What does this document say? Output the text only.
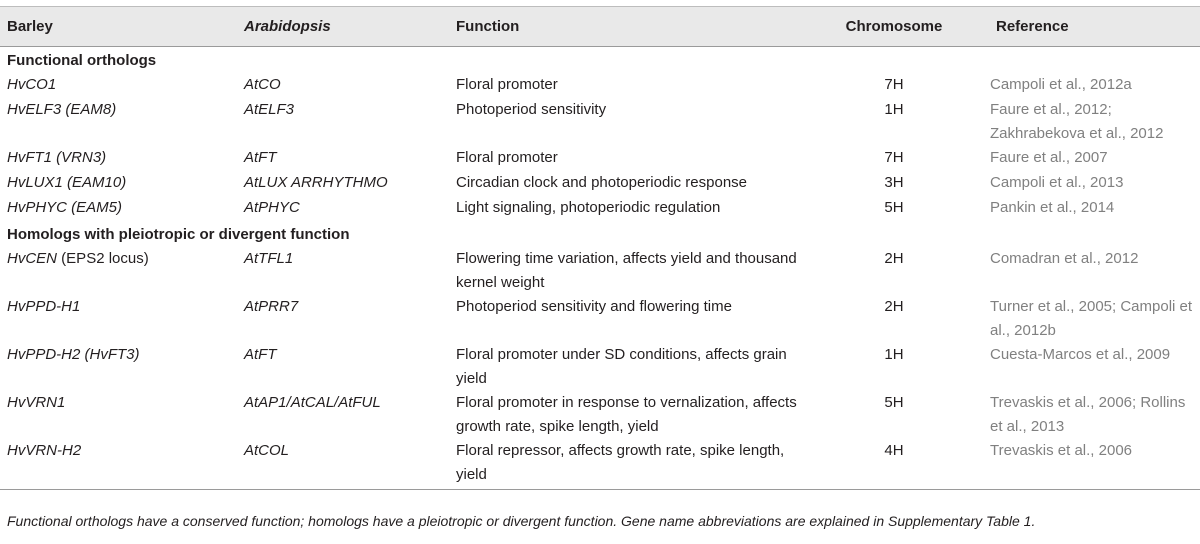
Barley	Arabidopsis	Function	Chromosome	Reference
Functional orthologs				
HvCO1	AtCO	Floral promoter	7H	Campoli et al., 2012a
HvELF3 (EAM8)	AtELF3	Photoperiod sensitivity	1H	Faure et al., 2012; Zakhrabekova et al., 2012
HvFT1 (VRN3)	AtFT	Floral promoter	7H	Faure et al., 2007
HvLUX1 (EAM10)	AtLUX ARRHYTHMO	Circadian clock and photoperiodic response	3H	Campoli et al., 2013
HvPHYC (EAM5)	AtPHYC	Light signaling, photoperiodic regulation	5H	Pankin et al., 2014
Homologs with pleiotropic or divergent function				
HvCEN (EPS2 locus)	AtTFL1	Flowering time variation, affects yield and thousand kernel weight	2H	Comadran et al., 2012
HvPPD-H1	AtPRR7	Photoperiod sensitivity and flowering time	2H	Turner et al., 2005; Campoli et al., 2012b
HvPPD-H2 (HvFT3)	AtFT	Floral promoter under SD conditions, affects grain yield	1H	Cuesta-Marcos et al., 2009
HvVRN1	AtAP1/AtCAL/AtFUL	Floral promoter in response to vernalization, affects growth rate, spike length, yield	5H	Trevaskis et al., 2006; Rollins et al., 2013
HvVRN-H2	AtCOL	Floral repressor, affects growth rate, spike length, yield	4H	Trevaskis et al., 2006
Functional orthologs have a conserved function; homologs have a pleiotropic or divergent function. Gene name abbreviations are explained in Supplementary Table 1.
